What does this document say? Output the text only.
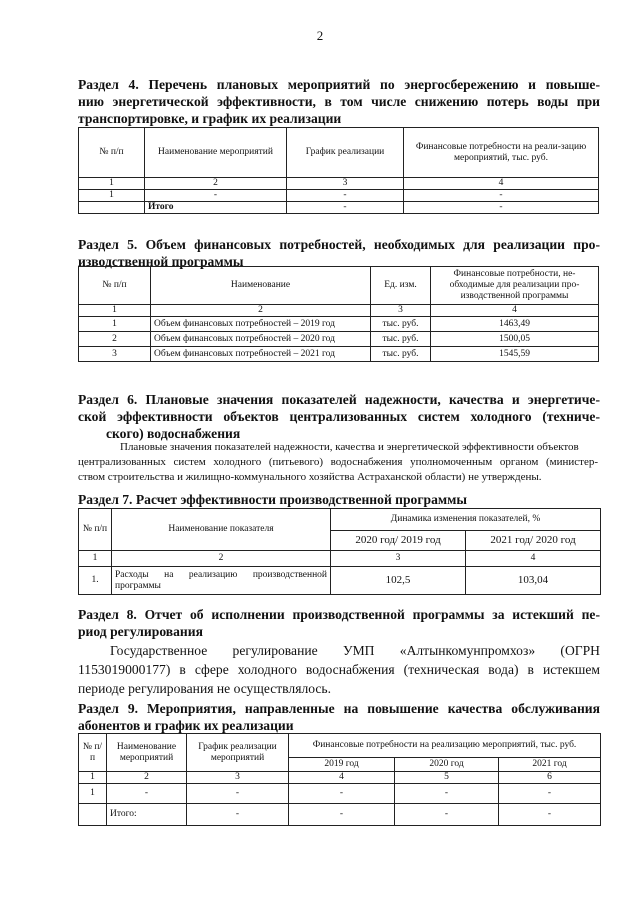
2
Раздел 4. Перечень плановых мероприятий по энергосбережению и повыше-
нию энергетической эффективности, в том числе снижению потерь воды при
транспортировке, и график их реализации
№ п/п	Наименование мероприятий	График реализации	Финансовые потребности на реали-зацию мероприятий, тыс. руб.
1	2	3	4
1	-	-	-
	Итого	-	-
Раздел 5. Объем финансовых потребностей, необходимых для реализации про-
изводственной программы
№ п/п	Наименование	Ед. изм.	Финансовые потребности, не-обходимые для реализации про-изводственной программы
1	2	3	4
1	Объем финансовых потребностей – 2019 год	тыс. руб.	1463,49
2	Объем финансовых потребностей – 2020 год	тыс. руб.	1500,05
3	Объем финансовых потребностей – 2021 год	тыс. руб.	1545,59
Раздел 6. Плановые значения показателей надежности, качества и энергетиче-
ской эффективности объектов централизованных систем холодного (техниче-
ского) водоснабжения
Плановые значения показателей надежности, качества и энергетической эффективности объектов
централизованных систем холодного (питьевого) водоснабжения уполномоченным органом (министер-
ством строительства и жилищно-коммунального хозяйства Астраханской области) не утверждены.
Раздел 7. Расчет эффективности производственной программы
№ п/п	Наименование показателя	Динамика изменения показателей, %	
		2020 год/ 2019 год	2021 год/ 2020 год
1	2	3	4
1.	Расходы на реализацию производственной программы	102,5	103,04
Раздел 8. Отчет об исполнении производственной программы за истекший пе-
риод регулирования
Государственное регулирование УМП «Алтынкомунпромхоз» (ОГРН
1153019000177) в сфере холодного водоснабжения (техническая вода) в истекшем
периоде регулирования не осуществлялось.
Раздел 9. Мероприятия, направленные на повышение качества обслуживания
абонентов и график их реализации
№ п/п	Наименование мероприятий	График реализации мероприятий	Финансовые потребности на реализацию мероприятий, тыс. руб.		
			2019 год	2020 год	2021 год
1	2	3	4	5	6
1	-	-	-	-	-
	Итого:	-	-	-	-
